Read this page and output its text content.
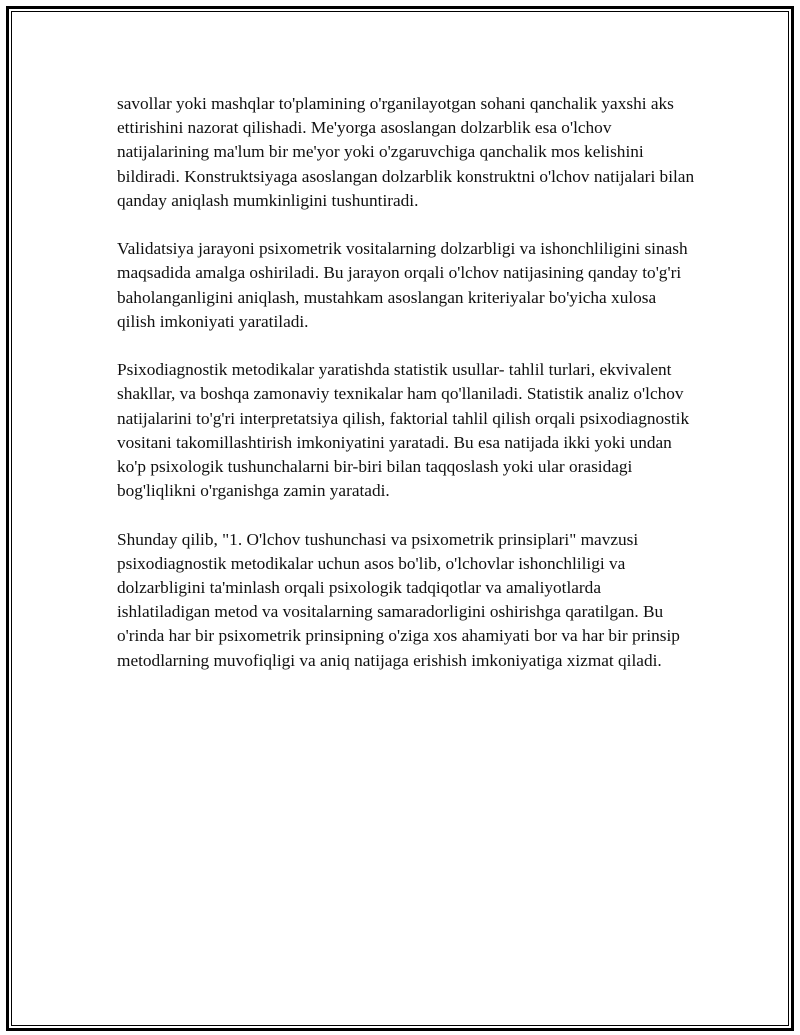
savollar yoki mashqlar to'plamining o'rganilayotgan sohani qanchalik yaxshi aks ettirishini nazorat qilishadi. Me'yorga asoslangan dolzarblik esa o'lchov natijalarining ma'lum bir me'yor yoki o'zgaruvchiga qanchalik mos kelishini bildiradi. Konstruktsiyaga asoslangan dolzarblik konstruktni o'lchov natijalari bilan qanday aniqlash mumkinligini tushuntiradi.

Validatsiya jarayoni psixometrik vositalarning dolzarbligi va ishonchliligini sinash maqsadida amalga oshiriladi. Bu jarayon orqali o'lchov natijasining qanday to'g'ri baholanganligini aniqlash, mustahkam asoslangan kriteriyalar bo'yicha xulosa qilish imkoniyati yaratiladi.

Psixodiagnostik metodikalar yaratishda statistik usullar- tahlil turlari, ekvivalent shakllar, va boshqa zamonaviy texnikalar ham qo'llaniladi. Statistik analiz o'lchov natijalarini to'g'ri interpretatsiya qilish, faktorial tahlil qilish orqali psixodiagnostik vositani takomillashtirish imkoniyatini yaratadi. Bu esa natijada ikki yoki undan ko'p psixologik tushunchalarni bir-biri bilan taqqoslash yoki ular orasidagi bog'liqlikni o'rganishga zamin yaratadi.

Shunday qilib, "1. O'lchov tushunchasi va psixometrik prinsiplari" mavzusi psixodiagnostik metodikalar uchun asos bo'lib, o'lchovlar ishonchliligi va dolzarbligini ta'minlash orqali psixologik tadqiqotlar va amaliyotlarda ishlatiladigan metod va vositalarning samaradorligini oshirishga qaratilgan. Bu o'rinda har bir psixometrik prinsipning o'ziga xos ahamiyati bor va har bir prinsip metodlarning muvofiqligi va aniq natijaga erishish imkoniyatiga xizmat qiladi.
